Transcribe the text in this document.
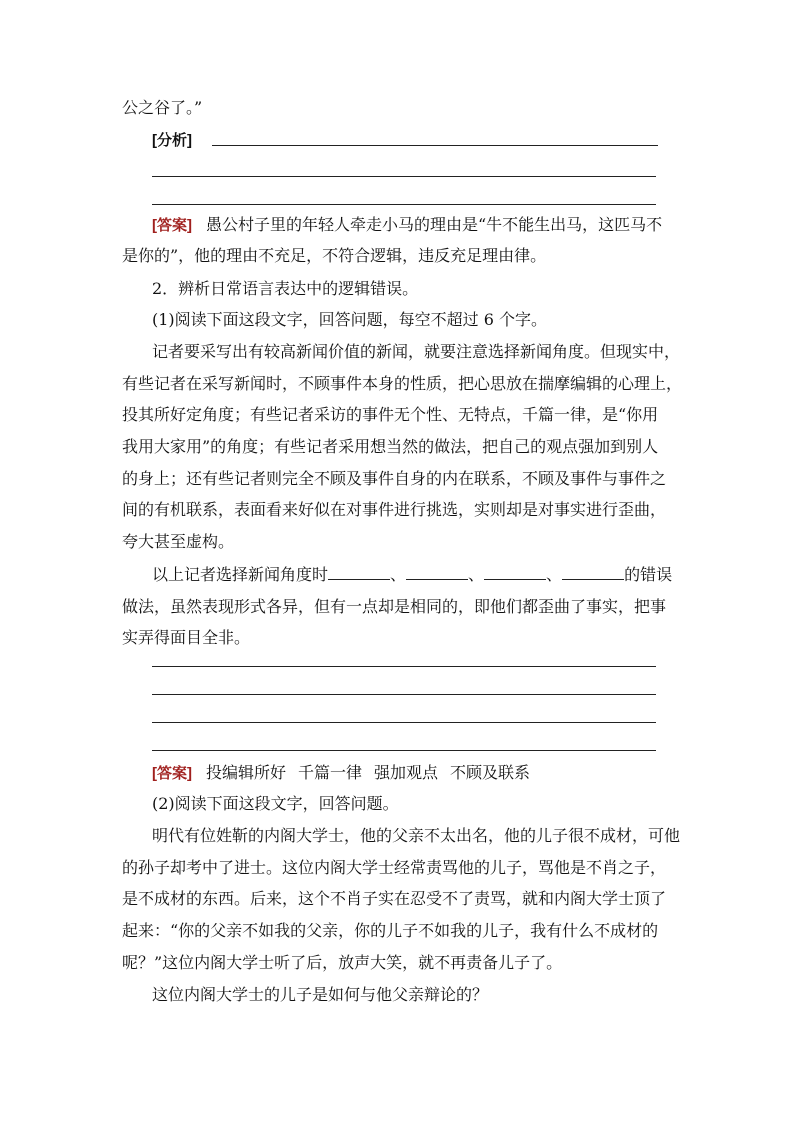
公之谷了。”
[分析]
[答案] 愚公村子里的年轻人牵走小马的理由是“牛不能生出马，这匹马不
是你的”，他的理由不充足，不符合逻辑，违反充足理由律。
2．辨析日常语言表达中的逻辑错误。
(1)阅读下面这段文字，回答问题，每空不超过 6 个字。
记者要采写出有较高新闻价值的新闻，就要注意选择新闻角度。但现实中，
有些记者在采写新闻时，不顾事件本身的性质，把心思放在揣摩编辑的心理上，
投其所好定角度；有些记者采访的事件无个性、无特点，千篇一律，是“你用
我用大家用”的角度；有些记者采用想当然的做法，把自己的观点强加到别人
的身上；还有些记者则完全不顾及事件自身的内在联系，不顾及事件与事件之
间的有机联系，表面看来好似在对事件进行挑选，实则却是对事实进行歪曲，
夸大甚至虚构。
以上记者选择新闻角度时	、	、	、	的错误
做法，虽然表现形式各异，但有一点却是相同的，即他们都歪曲了事实，把事
实弄得面目全非。
[答案] 投编辑所好 千篇一律 强加观点 不顾及联系
(2)阅读下面这段文字，回答问题。
明代有位姓靳的内阁大学士，他的父亲不太出名，他的儿子很不成材，可他
的孙子却考中了进士。这位内阁大学士经常责骂他的儿子，骂他是不肖之子，
是不成材的东西。后来，这个不肖子实在忍受不了责骂，就和内阁大学士顶了
起来：“你的父亲不如我的父亲，你的儿子不如我的儿子，我有什么不成材的
呢？”这位内阁大学士听了后，放声大笑，就不再责备儿子了。
这位内阁大学士的儿子是如何与他父亲辩论的？
